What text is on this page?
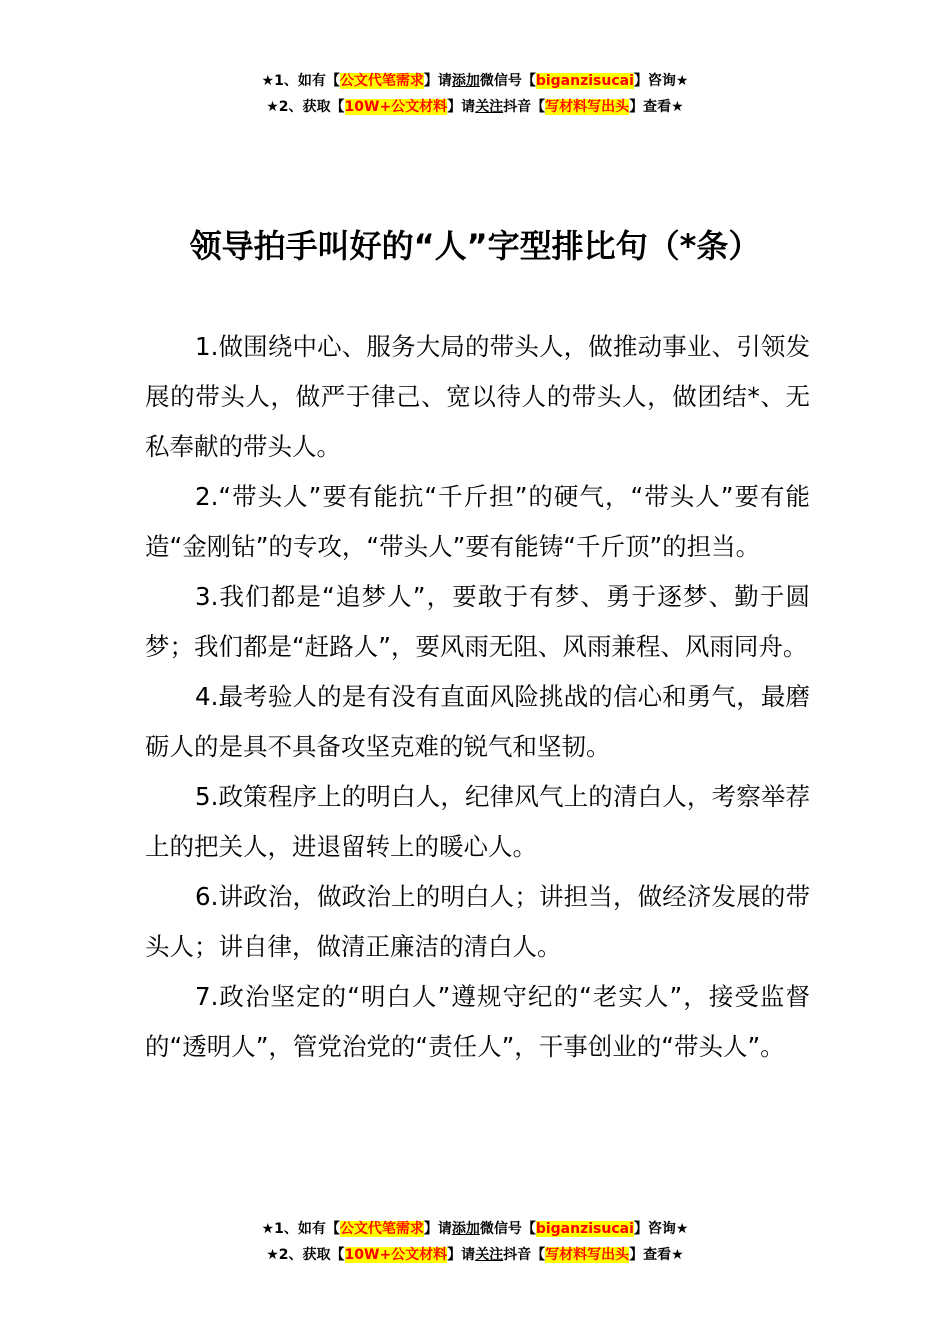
★1、如有【公文代笔需求】请添加微信号【biganzisucai】咨询★
★2、获取【10W+公文材料】请关注抖音【写材料写出头】查看★
领导拍手叫好的“人”字型排比句（*条）

1.做围绕中心、服务大局的带头人，做推动事业、引领发展的带头人，做严于律己、宽以待人的带头人，做团结*、无私奉献的带头人。

2.“带头人”要有能抗“千斤担”的硬气，“带头人”要有能造“金刚钻”的专攻，“带头人”要有能铸“千斤顶”的担当。

3.我们都是“追梦人”，要敢于有梦、勇于逐梦、勤于圆梦；我们都是“赶路人”，要风雨无阻、风雨兼程、风雨同舟。

4.最考验人的是有没有直面风险挑战的信心和勇气，最磨砺人的是具不具备攻坚克难的锐气和坚韧。

5.政策程序上的明白人，纪律风气上的清白人，考察举荐上的把关人，进退留转上的暖心人。

6.讲政治，做政治上的明白人；讲担当，做经济发展的带头人；讲自律，做清正廉洁的清白人。

7.政治坚定的“明白人”遵规守纪的“老实人”，接受监督的“透明人”，管党治党的“责任人”，干事创业的“带头人”。

★1、如有【公文代笔需求】请添加微信号【biganzisucai】咨询★
★2、获取【10W+公文材料】请关注抖音【写材料写出头】查看★
